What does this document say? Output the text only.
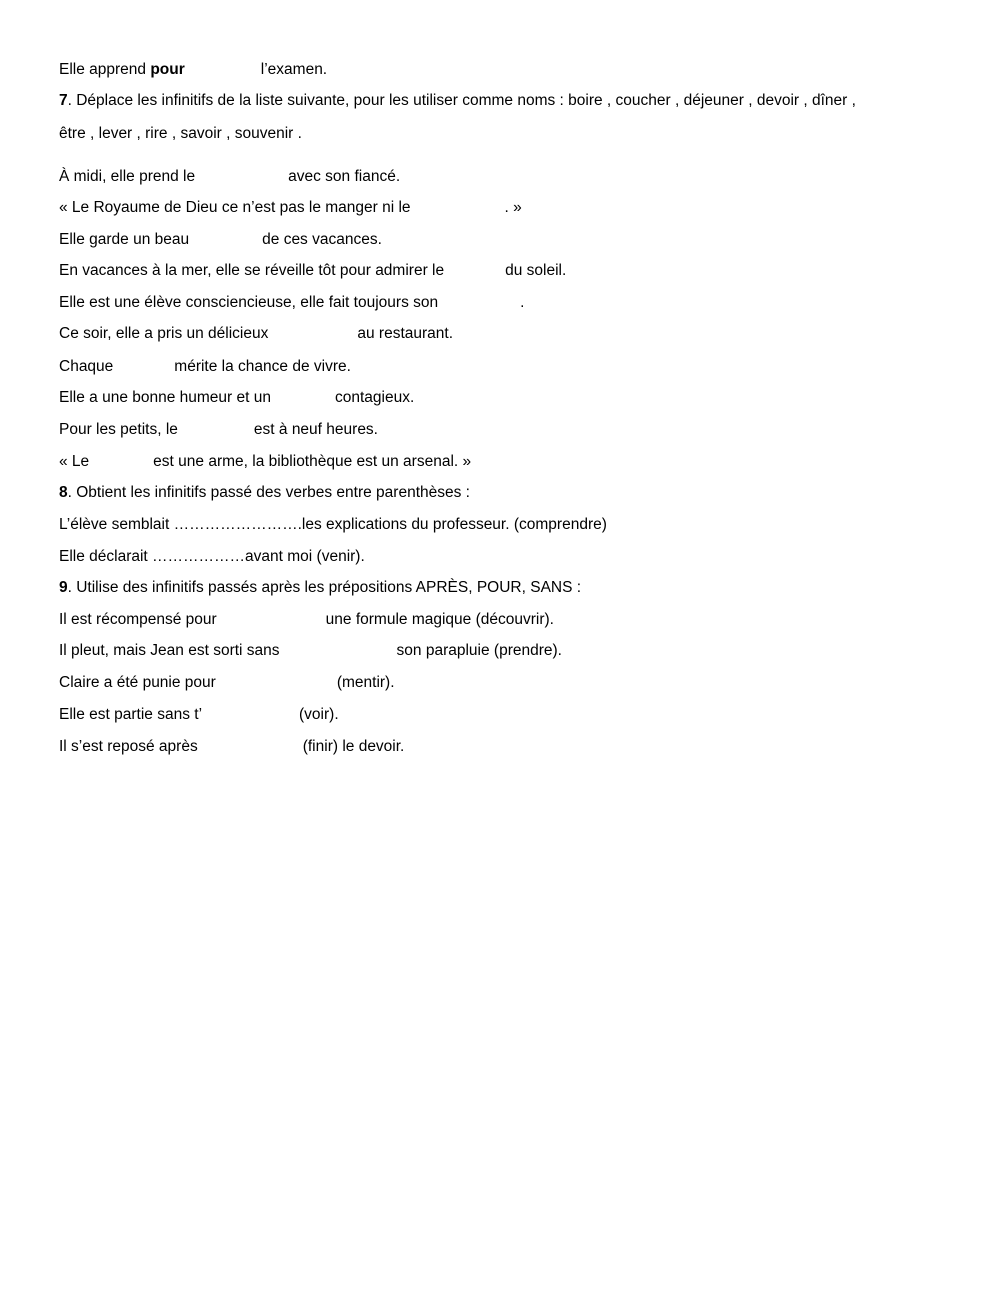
Elle apprend pour	l’examen.
7. Déplace les infinitifs de la liste suivante, pour les utiliser comme noms : boire , coucher , déjeuner , devoir , dîner ,
être , lever , rire , savoir , souvenir .
À midi, elle prend le	avec son fiancé.
« Le Royaume de Dieu ce n’est pas le manger ni le	. »
Elle garde un beau	de ces vacances.
En vacances à la mer, elle se réveille tôt pour admirer le	du soleil.
Elle est une élève consciencieuse, elle fait toujours son	.
Ce soir, elle a pris un délicieux	au restaurant.
Chaque	mérite la chance de vivre.
Elle a une bonne humeur et un	contagieux.
Pour les petits, le	est à neuf heures.
« Le	est une arme, la bibliothèque est un arsenal. »
8. Obtient les infinitifs passé des verbes entre parenthèses :
L’élève semblait …………………….les explications du professeur. (comprendre)
Elle déclarait ………………avant moi (venir).
9. Utilise des infinitifs passés après les prépositions APRÈS, POUR, SANS :
Il est récompensé pour	une formule magique (découvrir).
Il pleut, mais Jean est sorti sans	son parapluie (prendre).
Claire a été punie pour	(mentir).
Elle est partie sans t’	(voir).
Il s’est reposé après	(finir) le devoir.
